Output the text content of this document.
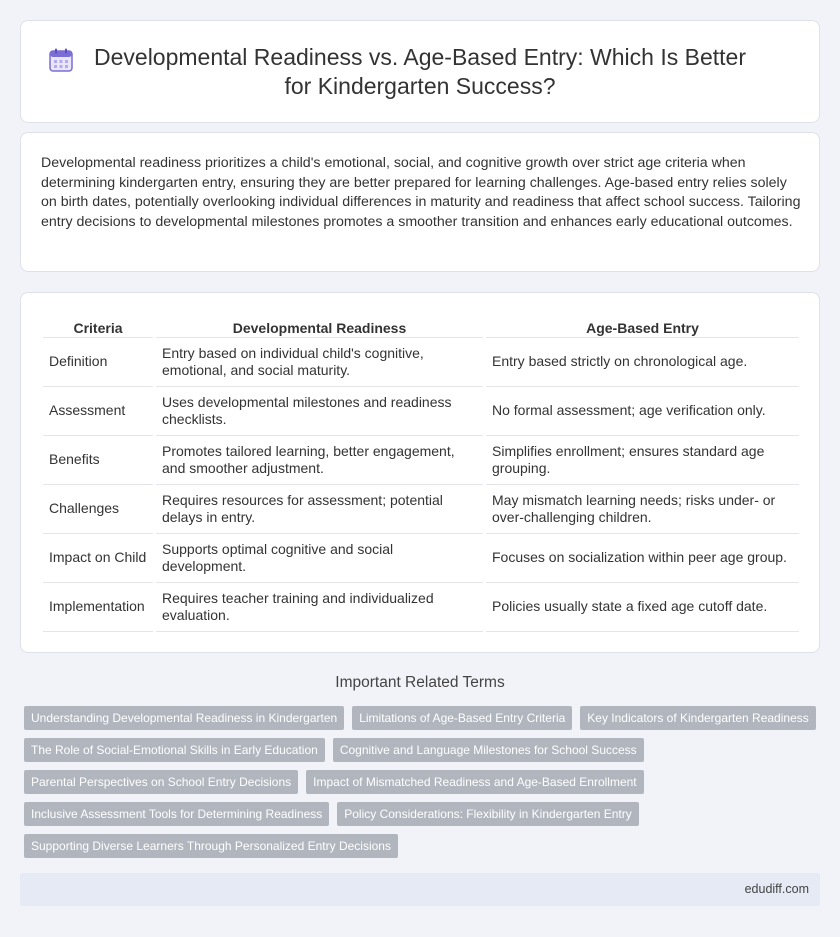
Developmental Readiness vs. Age-Based Entry: Which Is Better for Kindergarten Success?

Developmental readiness prioritizes a child's emotional, social, and cognitive growth over strict age criteria when determining kindergarten entry, ensuring they are better prepared for learning challenges. Age-based entry relies solely on birth dates, potentially overlooking individual differences in maturity and readiness that affect school success. Tailoring entry decisions to developmental milestones promotes a smoother transition and enhances early educational outcomes.

Criteria		Developmental Readiness		Age-Based Entry
Definition		Entry based on individual child's cognitive, emotional, and social maturity.		Entry based strictly on chronological age.
Assessment		Uses developmental milestones and readiness checklists.		No formal assessment; age verification only.
Benefits		Promotes tailored learning, better engagement, and smoother adjustment.		Simplifies enrollment; ensures standard age grouping.
Challenges		Requires resources for assessment; potential delays in entry.		May mismatch learning needs; risks under- or over-challenging children.
Impact on Child		Supports optimal cognitive and social development.		Focuses on socialization within peer age group.
Implementation		Requires teacher training and individualized evaluation.		Policies usually state a fixed age cutoff date.
Important Related Terms
Understanding Developmental Readiness in Kindergarten	Limitations of Age-Based Entry Criteria	Key Indicators of Kindergarten Readiness
The Role of Social-Emotional Skills in Early Education	Cognitive and Language Milestones for School Success
Parental Perspectives on School Entry Decisions	Impact of Mismatched Readiness and Age-Based Enrollment
Inclusive Assessment Tools for Determining Readiness	Policy Considerations: Flexibility in Kindergarten Entry
Supporting Diverse Learners Through Personalized Entry Decisions
edudiff.com
